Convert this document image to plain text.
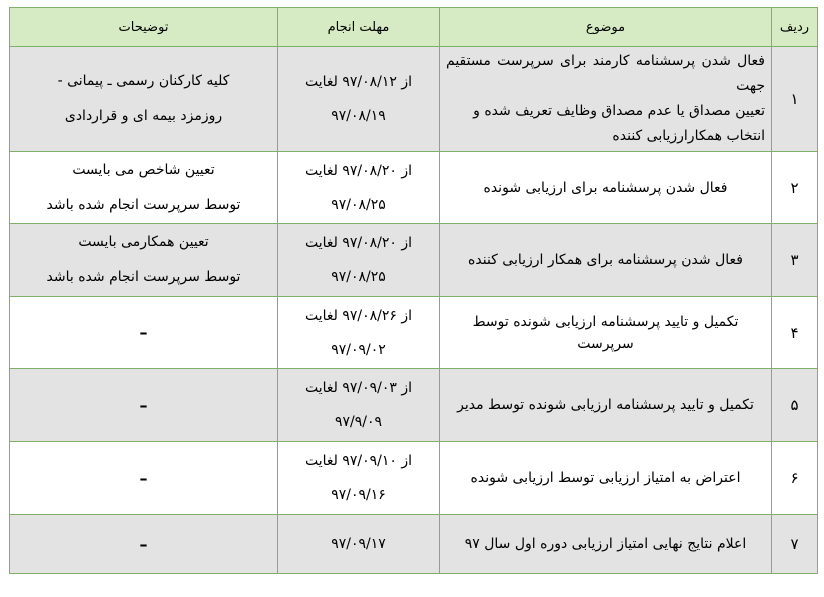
ردیف	موضوع	مهلت انجام	توضیحات
۱	فعال شدن پرسشنامه کارمند برای سرپرست مستقیم جهت
تعیین مصداق یا عدم مصداق وظایف تعریف شده و
انتخاب همکارارزیابی کننده	از ۹۷/۰۸/۱۲ لغایت
۹۷/۰۸/۱۹	کلیه کارکنان رسمی ـ پیمانی -
روزمزد بیمه ای و قراردادی

۲	فعال شدن پرسشنامه برای ارزیابی شونده	از ۹۷/۰۸/۲۰ لغایت
۹۷/۰۸/۲۵	تعیین شاخص می بایست
توسط سرپرست انجام شده باشد

۳	فعال شدن پرسشنامه برای همکار ارزیابی کننده	از ۹۷/۰۸/۲۰ لغایت
۹۷/۰۸/۲۵	تعیین همکارمی بایست
توسط سرپرست انجام شده باشد

۴	تکمیل و تایید پرسشنامه ارزیابی شونده توسط سرپرست	از ۹۷/۰۸/۲۶ لغایت
۹۷/۰۹/۰۲	–

۵	تکمیل و تایید پرسشنامه ارزیابی شونده توسط مدیر	از ۹۷/۰۹/۰۳ لغایت
۹۷/۹/۰۹	–

۶	اعتراض به امتیاز ارزیابی توسط ارزیابی شونده	از ۹۷/۰۹/۱۰ لغایت
۹۷/۰۹/۱۶	–

۷	اعلام نتایج نهایی امتیاز ارزیابی دوره اول سال ۹۷	۹۷/۰۹/۱۷	–
